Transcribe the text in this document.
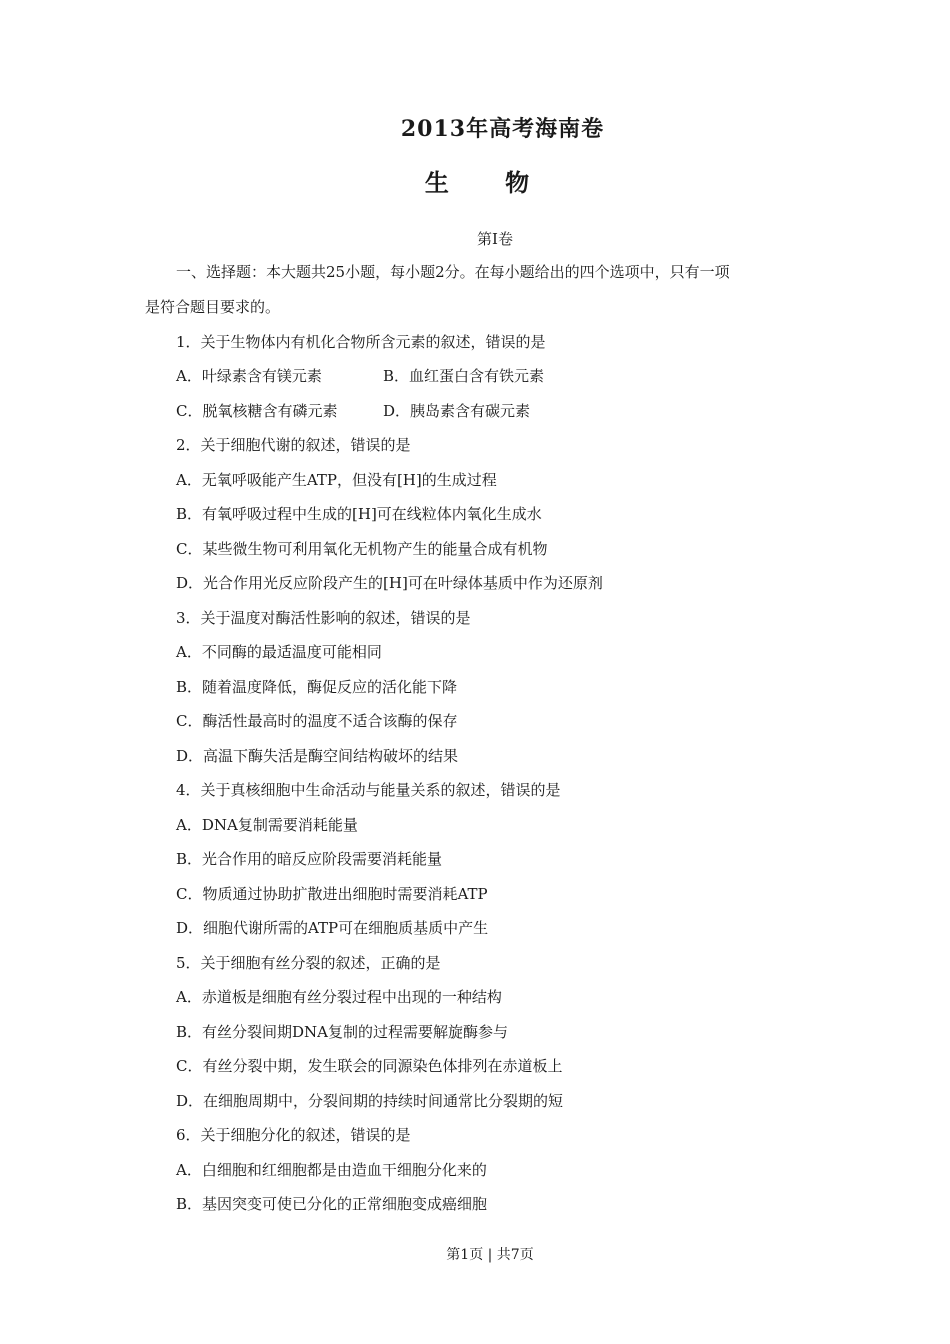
2013年高考海南卷
生 物
第I卷
一、选择题：本大题共25小题，每小题2分。在每小题给出的四个选项中，只有一项
是符合题目要求的。
1．关于生物体内有机化合物所含元素的叙述，错误的是
A．叶绿素含有镁元素	B．血红蛋白含有铁元素
C．脱氧核糖含有磷元素	D．胰岛素含有碳元素
2．关于细胞代谢的叙述，错误的是
A．无氧呼吸能产生ATP，但没有[H]的生成过程
B．有氧呼吸过程中生成的[H]可在线粒体内氧化生成水
C．某些微生物可利用氧化无机物产生的能量合成有机物
D．光合作用光反应阶段产生的[H]可在叶绿体基质中作为还原剂
3．关于温度对酶活性影响的叙述，错误的是
A．不同酶的最适温度可能相同
B．随着温度降低，酶促反应的活化能下降
C．酶活性最高时的温度不适合该酶的保存
D．高温下酶失活是酶空间结构破坏的结果
4．关于真核细胞中生命活动与能量关系的叙述，错误的是
A．DNA复制需要消耗能量
B．光合作用的暗反应阶段需要消耗能量
C．物质通过协助扩散进出细胞时需要消耗ATP
D．细胞代谢所需的ATP可在细胞质基质中产生
5．关于细胞有丝分裂的叙述，正确的是
A．赤道板是细胞有丝分裂过程中出现的一种结构
B．有丝分裂间期DNA复制的过程需要解旋酶参与
C．有丝分裂中期，发生联会的同源染色体排列在赤道板上
D．在细胞周期中，分裂间期的持续时间通常比分裂期的短
6．关于细胞分化的叙述，错误的是
A．白细胞和红细胞都是由造血干细胞分化来的
B．基因突变可使已分化的正常细胞变成癌细胞
第1页 | 共7页
